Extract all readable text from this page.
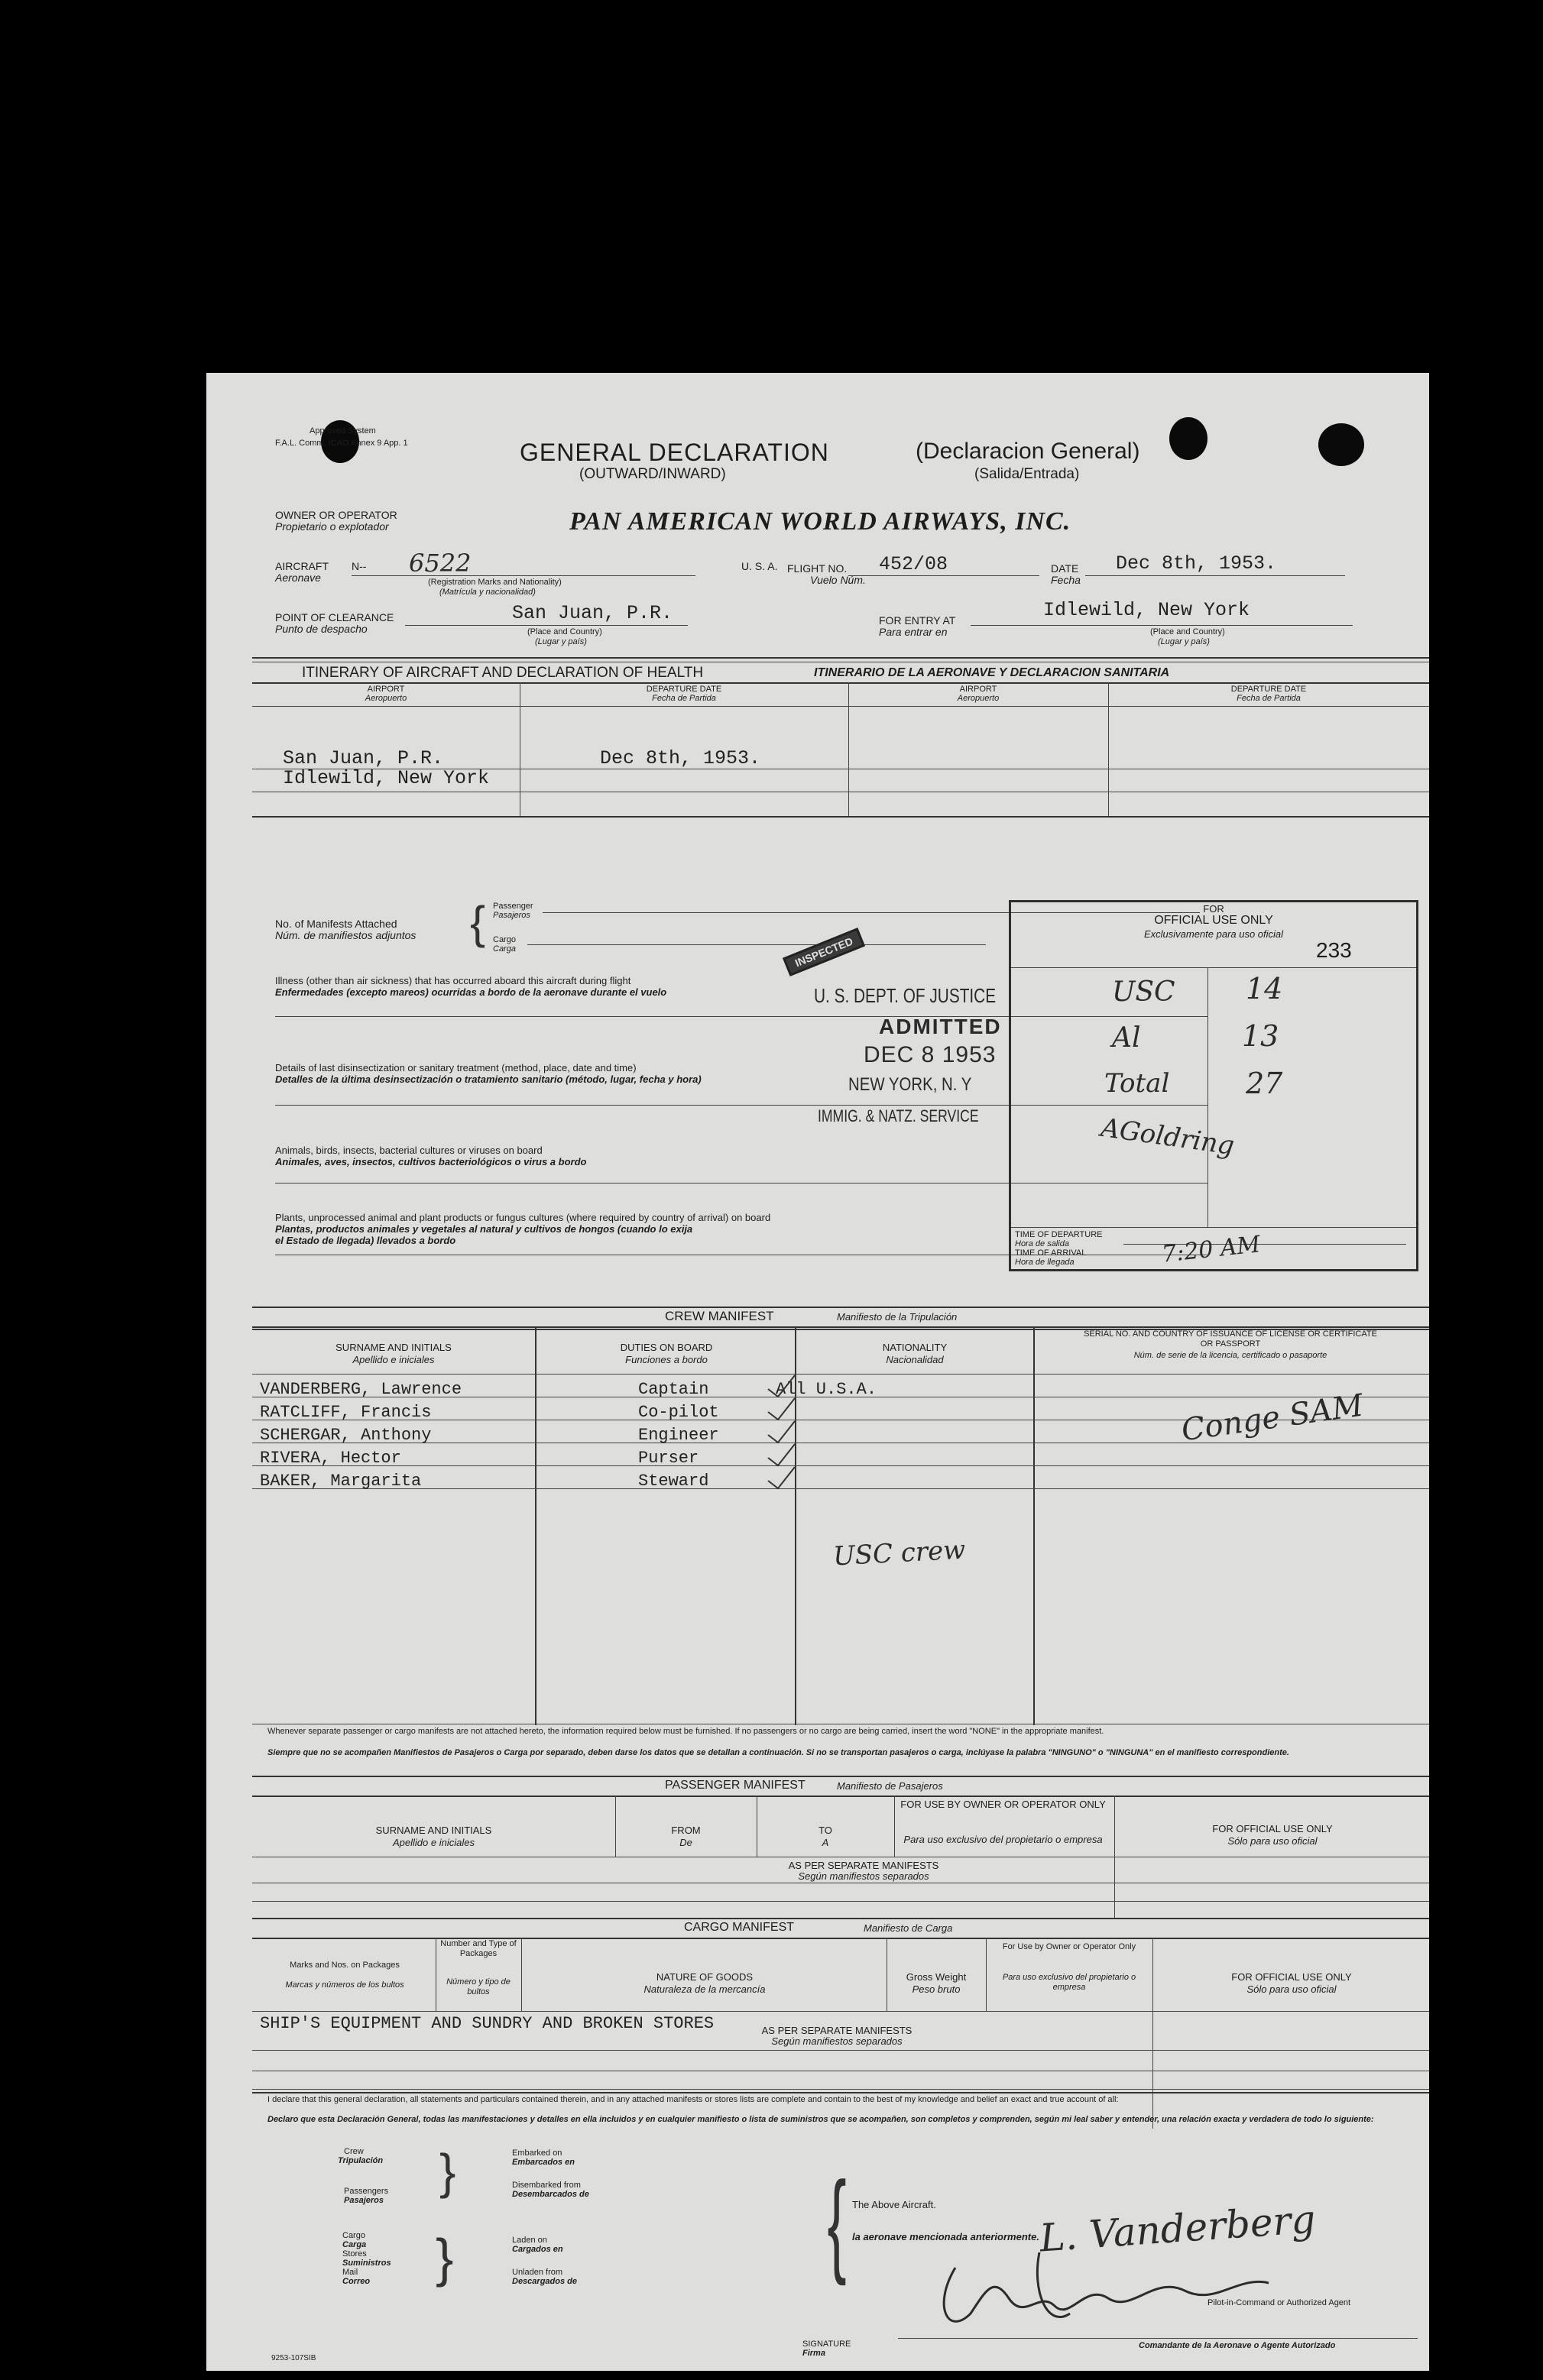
Approved System
F.A.L. Comm. ICAO Annex 9 App. 1	GENERAL DECLARATION
(OUTWARD/INWARD)
(Declaracion General)
(Salida/Entrada)
OWNER OR OPERATOR
Propietario o explotador	PAN AMERICAN WORLD AIRWAYS, INC.
AIRCRAFT
Aeronave
N-- 6522
(Registration Marks and Nationality)
(Matrícula y nacionalidad)
U. S. A. FLIGHT NO.
Vuelo Núm.
452/08	DATE
Fecha
Dec 8th, 1953.
POINT OF CLEARANCE
Punto de despacho
San Juan, P.R.
(Place and Country)
(Lugar y país)
FOR ENTRY AT
Para entrar en
Idlewild, New York
(Place and Country)
(Lugar y país)
ITINERARY OF AIRCRAFT AND DECLARATION OF HEALTH	ITINERARIO DE LA AERONAVE Y DECLARACION SANITARIA
AIRPORT
Aeropuerto
DEPARTURE DATE
Fecha de Partida
AIRPORT
Aeropuerto
DEPARTURE DATE
Fecha de Partida
San Juan, P.R.	Dec 8th, 1953.
Idlewild, New York
No. of Manifests Attached
Núm. de manifiestos adjuntos { Passenger
Pasajeros
Cargo
Carga
Illness (other than air sickness) that has occurred aboard this aircraft during flight
Enfermedades (excepto mareos) ocurridas a bordo de la aeronave durante el vuelo
Details of last disinsectization or sanitary treatment (method, place, date and time)
Detalles de la última desinsectización o tratamiento sanitario (método, lugar, fecha y hora)
Animals, birds, insects, bacterial cultures or viruses on board
Animales, aves, insectos, cultivos bacteriológicos o virus a bordo
Plants, unprocessed animal and plant products or fungus cultures (where required by country of arrival) on board
Plantas, productos animales y vegetales al natural y cultivos de hongos (cuando lo exija el Estado de llegada) llevados a bordo
FOR
OFFICIAL USE ONLY
Exclusivamente para uso oficial
233
USC 14
Al	13
Total	27
AGoldring
TIME OF DEPARTURE
Hora de salida
TIME OF ARRIVAL
Hora de llegada	7:20 AM
INSPECTED
U. S. DEPT. OF JUSTICE
ADMITTED
DEC 8 1953
NEW YORK, N. Y
IMMIG. & NATZ. SERVICE
CREW MANIFEST	Manifiesto de la Tripulación
SURNAME AND INITIALS
Apellido e iniciales
DUTIES ON BOARD
Funciones a bordo
NATIONALITY
Nacionalidad
SERIAL NO. AND COUNTRY OF ISSUANCE OF LICENSE OR CERTIFICATE OR PASSPORT
Núm. de serie de la licencia, certificado o pasaporte
VANDERBERG, Lawrence	Captain	All U.S.A.
RATCLIFF, Francis	Co-pilot
SCHERGAR, Anthony	Engineer
RIVERA, Hector	Purser
BAKER, Margarita	Steward
USC crew
Conge SAM
Whenever separate passenger or cargo manifests are not attached hereto, the information required below must be furnished. If no passengers or no cargo are being carried, insert the word "NONE" in the appropriate manifest.
Siempre que no se acompañen Manifiestos de Pasajeros o Carga por separado, deben darse los datos que se detallan a continuación. Si no se transportan pasajeros o carga, inclúyase la palabra "NINGUNO" o "NINGUNA" en el manifiesto correspondiente.
PASSENGER MANIFEST	Manifiesto de Pasajeros
SURNAME AND INITIALS
Apellido e iniciales
FROM
De
TO
A
FOR USE BY OWNER OR OPERATOR ONLY
Para uso exclusivo del propietario o empresa
FOR OFFICIAL USE ONLY
Sólo para uso oficial
AS PER SEPARATE MANIFESTS
Según manifiestos separados
CARGO MANIFEST	Manifiesto de Carga
Marks and Nos. on Packages
Marcas y números de los bultos
Number and Type of Packages
Número y tipo de bultos
NATURE OF GOODS
Naturaleza de la mercancía
Gross Weight
Peso bruto
For Use by Owner or Operator Only
Para uso exclusivo del propietario o empresa
FOR OFFICIAL USE ONLY
Sólo para uso oficial
SHIP'S EQUIPMENT AND SUNDRY AND BROKEN STORES	AS PER SEPARATE MANIFESTS
Según manifiestos separados
I declare that this general declaration, all statements and particulars contained therein, and in any attached manifests or stores lists are complete and contain to the best of my knowledge and belief an exact and true account of all:
Declaro que esta Declaración General, todas las manifestaciones y detalles en ella incluidos y en cualquier manifiesto o lista de suministros que se acompañen, son completos y comprenden, según mi leal saber y entender, una relación exacta y verdadera de todo lo siguiente:
Crew
Tripulación
Passengers
Pasajeros
}	Embarked on
Embarcados en
Disembarked from
Desembarcados de
Cargo
Carga
Stores
Suministros
Mail
Correo }	Laden on
Cargados en
Unladen from
Descargados de { The Above Aircraft.
la aeronave mencionada anteriormente.
L. Vanderberg
SIGNATURE
Firma
Pilot-in-Command or Authorized Agent
Comandante de la Aeronave o Agente Autorizado
9253-107SIB
